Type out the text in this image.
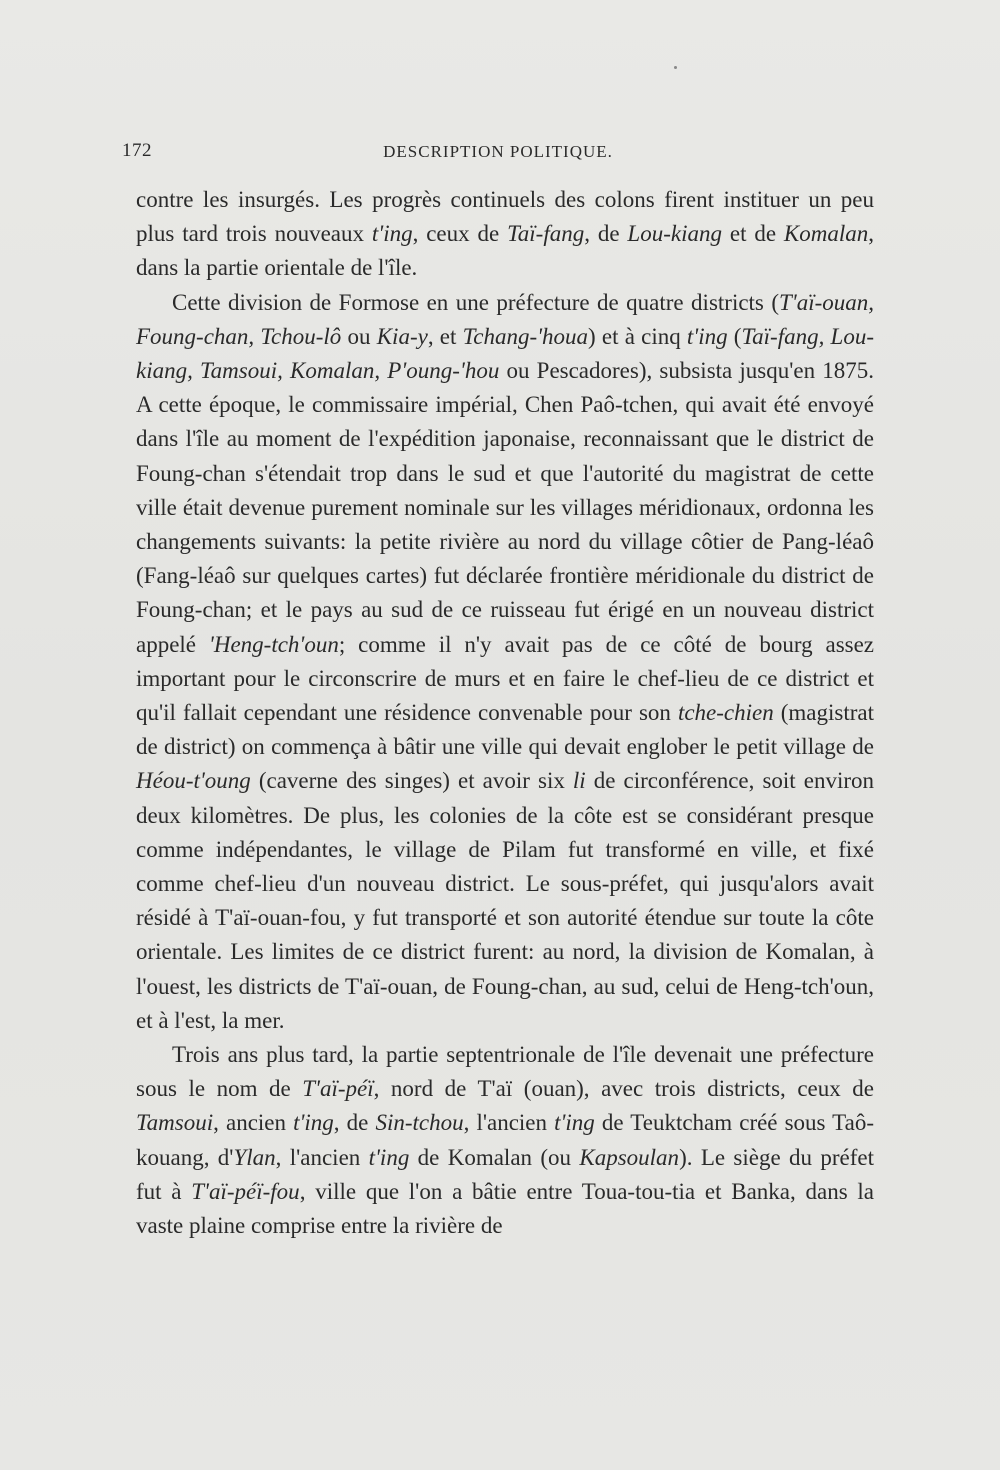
172	DESCRIPTION POLITIQUE.

contre les insurgés. Les progrès continuels des colons firent instituer un peu plus tard trois nouveaux t'ing, ceux de Taï-fang, de Lou-kiang et de Komalan, dans la partie orientale de l'île.

Cette division de Formose en une préfecture de quatre districts (T'aï-ouan, Foung-chan, Tchou-lô ou Kia-y, et Tchang-'houa) et à cinq t'ing (Taï-fang, Lou-kiang, Tamsoui, Komalan, P'oung-'hou ou Pescadores), subsista jusqu'en 1875. A cette époque, le commissaire impérial, Chen Paô-tchen, qui avait été envoyé dans l'île au moment de l'expédition japonaise, reconnaissant que le district de Foung-chan s'étendait trop dans le sud et que l'autorité du magistrat de cette ville était devenue purement nominale sur les villages méridionaux, ordonna les changements suivants: la petite rivière au nord du village côtier de Pang-léaô (Fang-léaô sur quelques cartes) fut déclarée frontière méridionale du district de Foung-chan; et le pays au sud de ce ruisseau fut érigé en un nouveau district appelé 'Heng-tch'oun; comme il n'y avait pas de ce côté de bourg assez important pour le circonscrire de murs et en faire le chef-lieu de ce district et qu'il fallait cependant une résidence convenable pour son tche-chien (magistrat de district) on commença à bâtir une ville qui devait englober le petit village de Héou-t'oung (caverne des singes) et avoir six li de circonférence, soit environ deux kilomètres. De plus, les colonies de la côte est se considérant presque comme indépendantes, le village de Pilam fut transformé en ville, et fixé comme chef-lieu d'un nouveau district. Le sous-préfet, qui jusqu'alors avait résidé à T'aï-ouan-fou, y fut transporté et son autorité étendue sur toute la côte orientale. Les limites de ce district furent: au nord, la division de Komalan, à l'ouest, les districts de T'aï-ouan, de Foung-chan, au sud, celui de Heng-tch'oun, et à l'est, la mer.

Trois ans plus tard, la partie septentrionale de l'île devenait une préfecture sous le nom de T'aï-péï, nord de T'aï (ouan), avec trois districts, ceux de Tamsoui, ancien t'ing, de Sin-tchou, l'ancien t'ing de Teuktcham créé sous Taô-kouang, d'Ylan, l'ancien t'ing de Komalan (ou Kapsoulan). Le siège du préfet fut à T'aï-péï-fou, ville que l'on a bâtie entre Toua-tou-tia et Banka, dans la vaste plaine comprise entre la rivière de
